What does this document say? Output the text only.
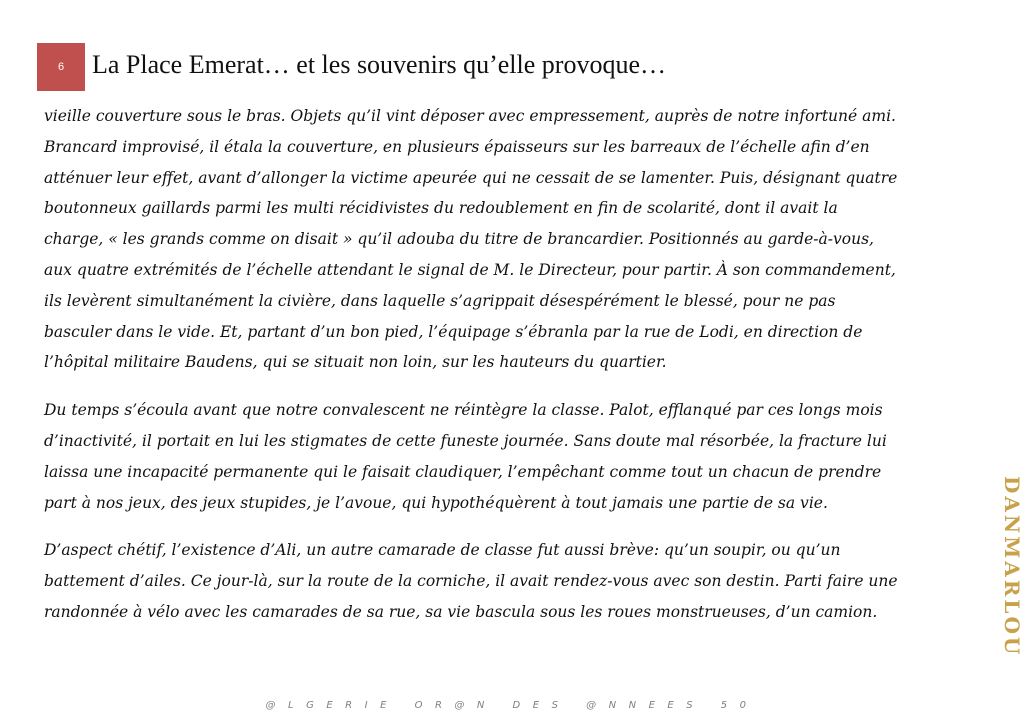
6 La Place Emerat… et les souvenirs qu’elle provoque…

vieille couverture sous le bras. Objets qu’il vint déposer avec empressement, auprès de notre infortuné ami.
Brancard improvisé, il étala la couverture, en plusieurs épaisseurs sur les barreaux de l’échelle afin d’en
atténuer leur effet, avant d’allonger la victime apeurée qui ne cessait de se lamenter. Puis, désignant quatre
boutonneux gaillards parmi les multi récidivistes du redoublement en fin de scolarité, dont il avait la
charge, « les grands comme on disait » qu’il adouba du titre de brancardier. Positionnés au garde-à-vous,
aux quatre extrémités de l’échelle attendant le signal de M. le Directeur, pour partir. À son commandement,
ils levèrent simultanément la civière, dans laquelle s’agrippait désespérément le blessé, pour ne pas
basculer dans le vide. Et, partant d’un bon pied, l’équipage s’ébranla par la rue de Lodi, en direction de
l’hôpital militaire Baudens, qui se situait non loin, sur les hauteurs du quartier.

Du temps s’écoula avant que notre convalescent ne réintègre la classe. Palot, efflanqué par ces longs mois
d’inactivité, il portait en lui les stigmates de cette funeste journée. Sans doute mal résorbée, la fracture lui
laissa une incapacité permanente qui le faisait claudiquer, l’empêchant comme tout un chacun de prendre
part à nos jeux, des jeux stupides, je l’avoue, qui hypothéquèrent à tout jamais une partie de sa vie.

D’aspect chétif, l’existence d’Ali, un autre camarade de classe fut aussi brève: qu’un soupir, ou qu’un
battement d’ailes. Ce jour-là, sur la route de la corniche, il avait rendez-vous avec son destin. Parti faire une
randonnée à vélo avec les camarades de sa rue, sa vie bascula sous les roues monstrueuses, d’un camion.	DANMARLOU
@LGERIE OR@N DES @NNEES 50
